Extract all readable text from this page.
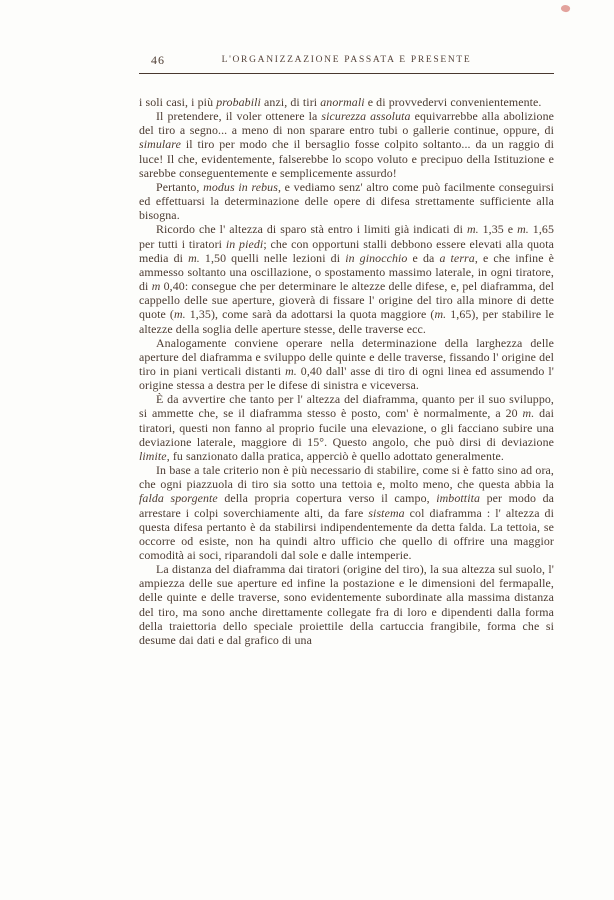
46	L'ORGANIZZAZIONE PASSATA E PRESENTE

i soli casi, i più probabili anzi, di tiri anormali e di provvedervi convenientemente.

Il pretendere, il voler ottenere la sicurezza assoluta equivarrebbe alla abolizione del tiro a segno... a meno di non sparare entro tubi o gallerie continue, oppure, di simulare il tiro per modo che il bersaglio fosse colpito soltanto... da un raggio di luce! Il che, evidentemente, falserebbe lo scopo voluto e precipuo della Istituzione e sarebbe conseguentemente e semplicemente assurdo!

Pertanto, modus in rebus, e vediamo senz' altro come può facilmente conseguirsi ed effettuarsi la determinazione delle opere di difesa strettamente sufficiente alla bisogna.

Ricordo che l' altezza di sparo stà entro i limiti già indicati di m. 1,35 e m. 1,65 per tutti i tiratori in piedi; che con opportuni stalli debbono essere elevati alla quota media di m. 1,50 quelli nelle lezioni di in ginocchio e da a terra, e che infine è ammesso soltanto una oscillazione, o spostamento massimo laterale, in ogni tiratore, di m 0,40: consegue che per determinare le altezze delle difese, e, pel diaframma, del cappello delle sue aperture, gioverà di fissare l' origine del tiro alla minore di dette quote (m. 1,35), come sarà da adottarsi la quota maggiore (m. 1,65), per stabilire le altezze della soglia delle aperture stesse, delle traverse ecc.

Analogamente conviene operare nella determinazione della larghezza delle aperture del diaframma e sviluppo delle quinte e delle traverse, fissando l' origine del tiro in piani verticali distanti m. 0,40 dall' asse di tiro di ogni linea ed assumendo l' origine stessa a destra per le difese di sinistra e viceversa.

È da avvertire che tanto per l' altezza del diaframma, quanto per il suo sviluppo, si ammette che, se il diaframma stesso è posto, com' è normalmente, a 20 m. dai tiratori, questi non fanno al proprio fucile una elevazione, o gli facciano subire una deviazione laterale, maggiore di 15°. Questo angolo, che può dirsi di deviazione limite, fu sanzionato dalla pratica, apperciò è quello adottato generalmente.

In base a tale criterio non è più necessario di stabilire, come si è fatto sino ad ora, che ogni piazzuola di tiro sia sotto una tettoia e, molto meno, che questa abbia la falda sporgente della propria copertura verso il campo, imbottita per modo da arrestare i colpi soverchiamente alti, da fare sistema col diaframma : l' altezza di questa difesa pertanto è da stabilirsi indipendentemente da detta falda. La tettoia, se occorre od esiste, non ha quindi altro ufficio che quello di offrire una maggior comodità ai soci, riparandoli dal sole e dalle intemperie.

La distanza del diaframma dai tiratori (origine del tiro), la sua altezza sul suolo, l' ampiezza delle sue aperture ed infine la postazione e le dimensioni del fermapalle, delle quinte e delle traverse, sono evidentemente subordinate alla massima distanza del tiro, ma sono anche direttamente collegate fra di loro e dipendenti dalla forma della traiettoria dello speciale proiettile della cartuccia frangibile, forma che si desume dai dati e dal grafico di una
